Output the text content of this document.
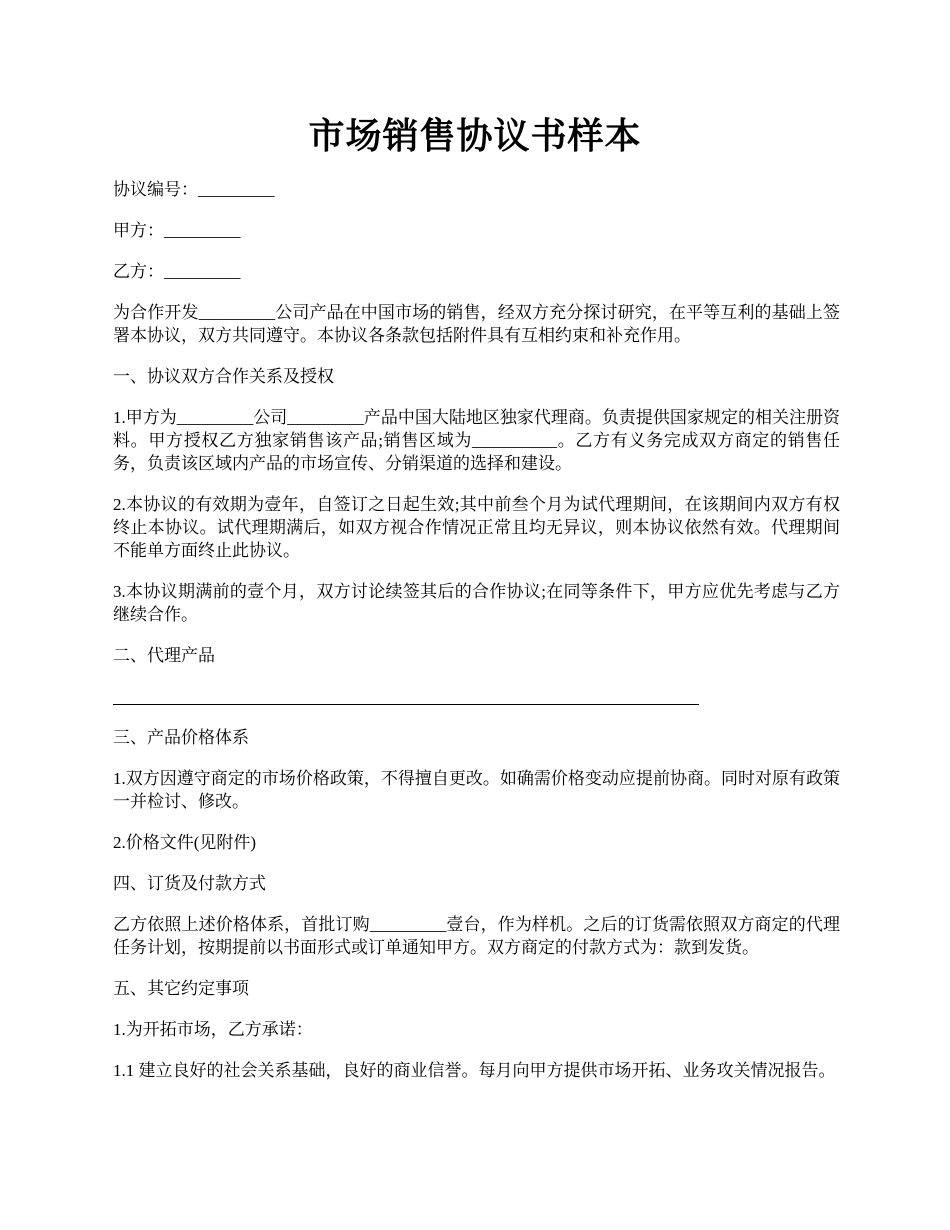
市场销售协议书样本

协议编号：_________

甲方：_________

乙方：_________

为合作开发_________公司产品在中国市场的销售，经双方充分探讨研究，在平等互利的基础上签署本协议，双方共同遵守。本协议各条款包括附件具有互相约束和补充作用。

一、协议双方合作关系及授权

1.甲方为_________公司_________产品中国大陆地区独家代理商。负责提供国家规定的相关注册资料。甲方授权乙方独家销售该产品;销售区域为__________。乙方有义务完成双方商定的销售任务，负责该区域内产品的市场宣传、分销渠道的选择和建设。

2.本协议的有效期为壹年，自签订之日起生效;其中前叁个月为试代理期间，在该期间内双方有权终止本协议。试代理期满后，如双方视合作情况正常且均无异议，则本协议依然有效。代理期间不能单方面终止此协议。

3.本协议期满前的壹个月，双方讨论续签其后的合作协议;在同等条件下，甲方应优先考虑与乙方继续合作。

二、代理产品

三、产品价格体系

1.双方因遵守商定的市场价格政策，不得擅自更改。如确需价格变动应提前协商。同时对原有政策一并检讨、修改。

2.价格文件(见附件)

四、订货及付款方式

乙方依照上述价格体系，首批订购_________壹台，作为样机。之后的订货需依照双方商定的代理任务计划，按期提前以书面形式或订单通知甲方。双方商定的付款方式为：款到发货。

五、其它约定事项

1.为开拓市场，乙方承诺：

1.1 建立良好的社会关系基础，良好的商业信誉。每月向甲方提供市场开拓、业务攻关情况报告。
